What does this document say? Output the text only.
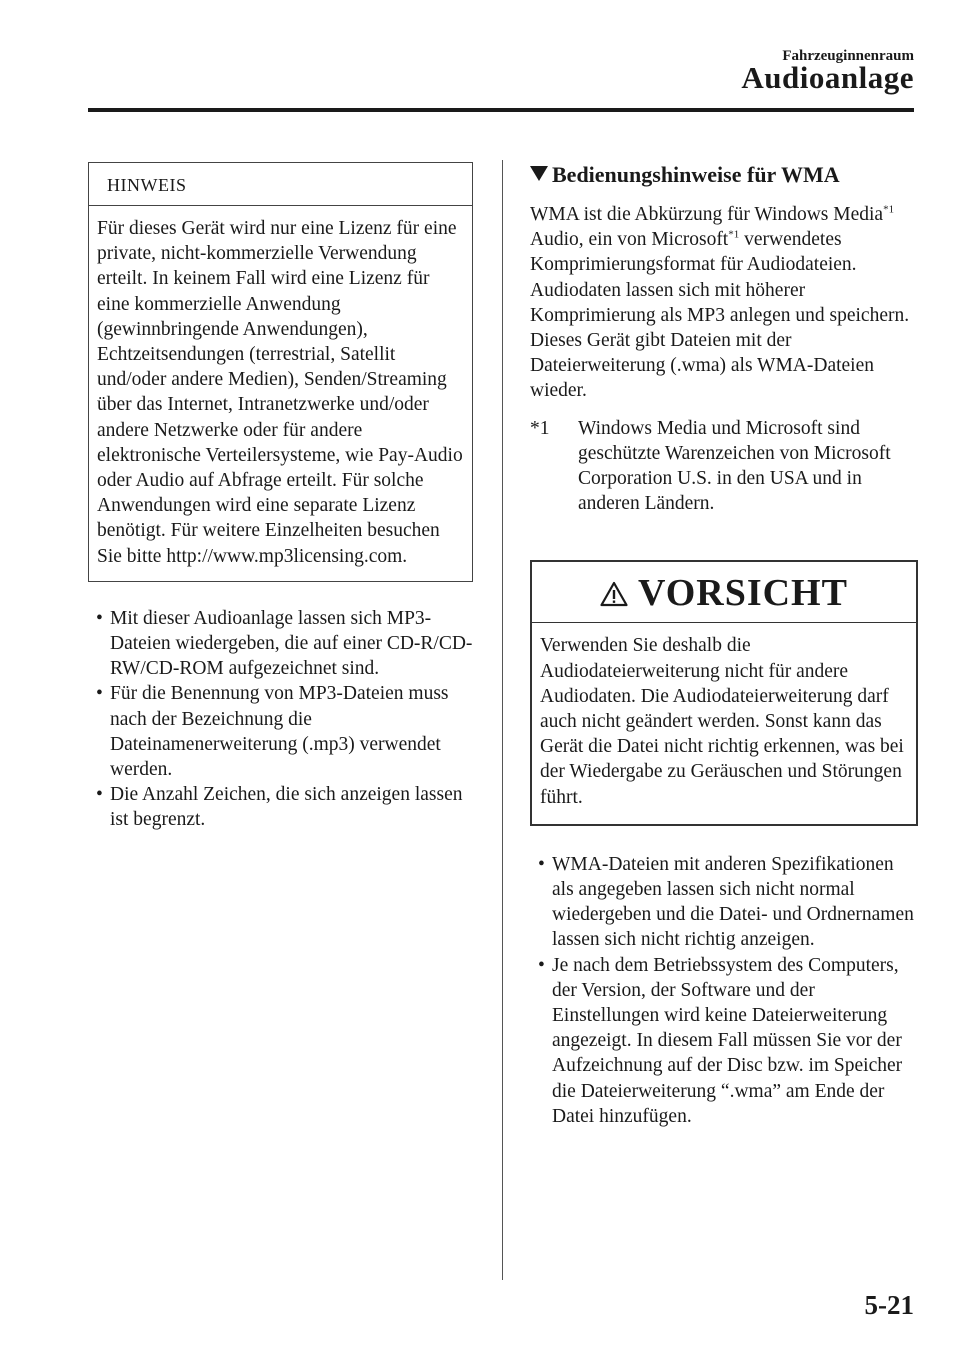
Fahrzeuginnenraum
Audioanlage
HINWEIS
Für dieses Gerät wird nur eine Lizenz für eine private, nicht-kommerzielle Verwendung erteilt. In keinem Fall wird eine Lizenz für eine kommerzielle Anwendung (gewinnbringende Anwendungen), Echtzeitsendungen (terrestrial, Satellit und/oder andere Medien), Senden/Streaming über das Internet, Intranetzwerke und/oder andere Netzwerke oder für andere elektronische Verteilersysteme, wie Pay-Audio oder Audio auf Abfrage erteilt. Für solche Anwendungen wird eine separate Lizenz benötigt. Für weitere Einzelheiten besuchen Sie bitte http://www.mp3licensing.com.
• Mit dieser Audioanlage lassen sich MP3-Dateien wiedergeben, die auf einer CD-R/CD-RW/CD-ROM aufgezeichnet sind.
• Für die Benennung von MP3-Dateien muss nach der Bezeichnung die Dateinamenerweiterung (.mp3) verwendet werden.
• Die Anzahl Zeichen, die sich anzeigen lassen ist begrenzt.
Bedienungshinweise für WMA

WMA ist die Abkürzung für Windows Media$^{*1}$ Audio, ein von Microsoft$^{*1}$ verwendetes Komprimierungsformat für Audiodateien.

Audiodaten lassen sich mit höherer Komprimierung als MP3 anlegen und speichern.

Dieses Gerät gibt Dateien mit der Dateierweiterung (.wma) als WMA-Dateien wieder.

*1 Windows Media und Microsoft sind geschützte Warenzeichen von Microsoft Corporation U.S. in den USA und in anderen Ländern.
VORSICHT
Verwenden Sie deshalb die Audiodateierweiterung nicht für andere Audiodaten. Die Audiodateierweiterung darf auch nicht geändert werden. Sonst kann das Gerät die Datei nicht richtig erkennen, was bei der Wiedergabe zu Geräuschen und Störungen führt.
• WMA-Dateien mit anderen Spezifikationen als angegeben lassen sich nicht normal wiedergeben und die Datei- und Ordnernamen lassen sich nicht richtig anzeigen.
• Je nach dem Betriebssystem des Computers, der Version, der Software und der Einstellungen wird keine Dateierweiterung angezeigt. In diesem Fall müssen Sie vor der Aufzeichnung auf der Disc bzw. im Speicher die Dateierweiterung “.wma” am Ende der Datei hinzufügen.
5-21
